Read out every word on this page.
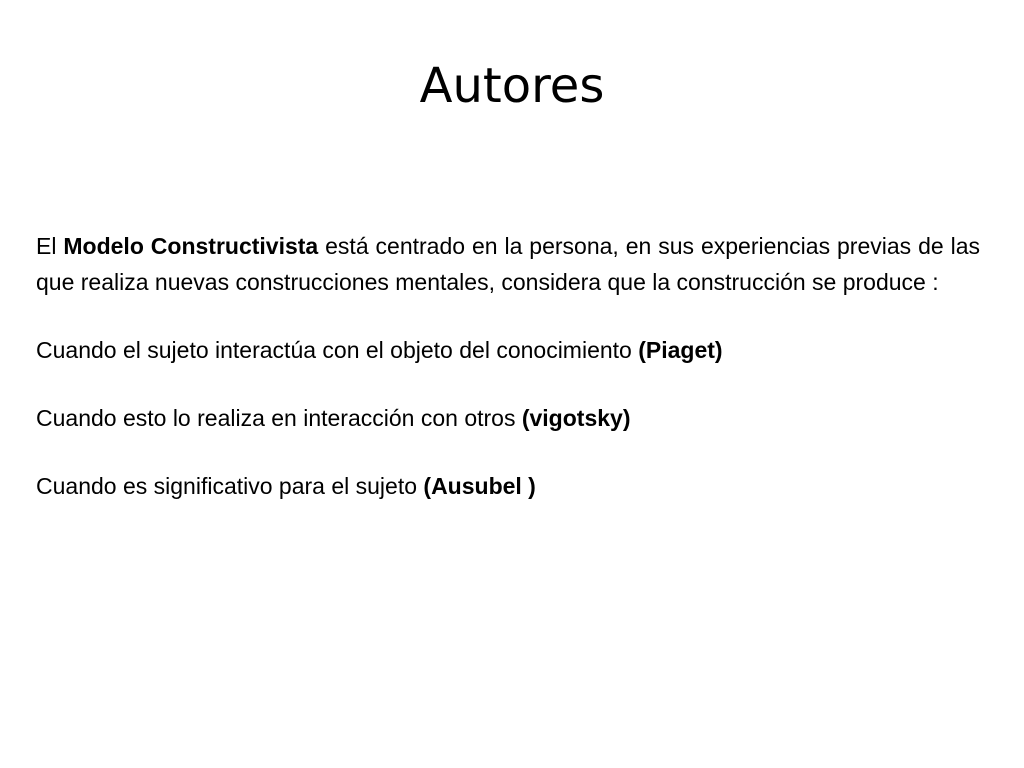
Autores

El Modelo Constructivista está centrado en la persona, en sus experiencias previas de las que realiza nuevas construcciones mentales, considera que la construcción se produce :

Cuando el sujeto interactúa con el objeto del conocimiento (Piaget)

Cuando esto lo realiza en interacción con otros (vigotsky)

Cuando es significativo para el sujeto (Ausubel )
